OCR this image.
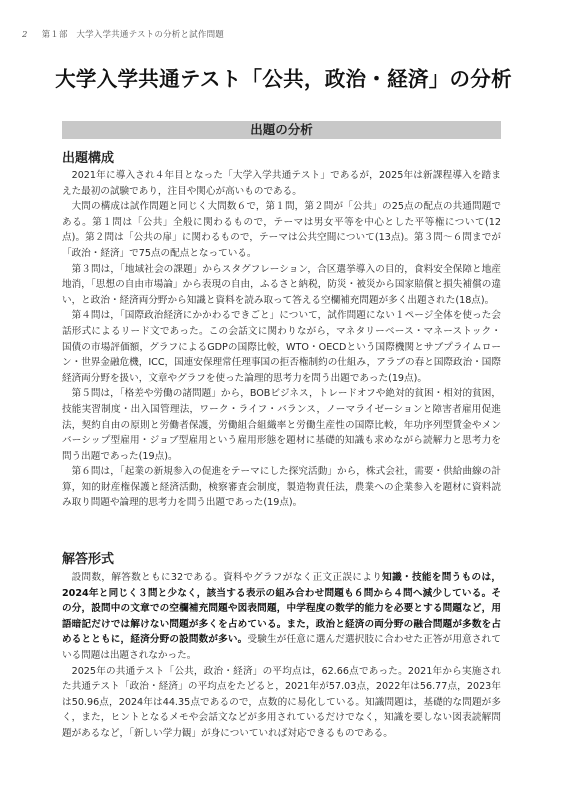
2 第１部　大学入学共通テストの分析と試作問題
大学入学共通テスト「公共，政治・経済」の分析
出題の分析
出題構成

2021年に導入され４年目となった「大学入学共通テスト」であるが，2025年は新課程導入を踏まえた最初の試験であり，注目や関心が高いものである。

大問の構成は試作問題と同じく大問数６で，第１問，第２問が「公共」の25点の配点の共通問題である。第１問は「公共」全般に関わるもので，テーマは男女平等を中心とした平等権について(12点)。第２問は「公共の扉」に関わるもので，テーマは公共空間について(13点)。第３問～６問までが「政治・経済」で75点の配点となっている。

第３問は，「地域社会の課題」からスタグフレーション，合区選挙導入の目的，食料安全保障と地産地消，「思想の自由市場論」から表現の自由，ふるさと納税，防災・被災から国家賠償と損失補償の違い，と政治・経済両分野から知識と資料を読み取って答える空欄補充問題が多く出題された(18点)。

第４問は，「国際政治経済にかかわるできごと」について，試作問題にない１ページ全体を使った会話形式によるリード文であった。この会話文に関わりながら，マネタリーベース・マネーストック・国債の市場評価額，グラフによるGDPの国際比較，WTO・OECDという国際機関とサブプライムローン・世界金融危機，ICC，国連安保理常任理事国の拒否権制約の仕組み，アラブの春と国際政治・国際経済両分野を扱い，文章やグラフを使った論理的思考力を問う出題であった(19点)。

第５問は，「格差や労働の諸問題」から，BOBビジネス，トレードオフや絶対的貧困・相対的貧困，技能実習制度・出入国管理法，ワーク・ライフ・バランス，ノーマライゼーションと障害者雇用促進法，契約自由の原則と労働者保護，労働組合組織率と労働生産性の国際比較，年功序列型賃金やメンバーシップ型雇用・ジョブ型雇用という雇用形態を題材に基礎的知識も求めながら読解力と思考力を問う出題であった(19点)。

第６問は，「起業の新規参入の促進をテーマにした探究活動」から，株式会社，需要・供給曲線の計算，知的財産権保護と経済活動，検察審査会制度，製造物責任法，農業への企業参入を題材に資料読み取り問題や論理的思考力を問う出題であった(19点)。

解答形式

設問数，解答数ともに32である。資料やグラフがなく正文正誤により知識・技能を問うものは，2024年と同じく３問と少なく，該当する表示の組み合わせ問題も６問から４問へ減少している。その分，設問中の文章での空欄補充問題や図表問題，中学程度の数学的能力を必要とする問題など，用語暗記だけでは解けない問題が多くを占めている。また，政治と経済の両分野の融合問題が多数を占めるとともに，経済分野の設問数が多い。受験生が任意に選んだ選択肢に合わせた正答が用意されている問題は出題されなかった。

2025年の共通テスト「公共，政治・経済」の平均点は，62.66点であった。2021年から実施された共通テスト「政治・経済」の平均点をたどると，2021年が57.03点，2022年は56.77点，2023年は50.96点，2024年は44.35点であるので，点数的に易化している。知識問題は，基礎的な問題が多く，また，ヒントとなるメモや会話文などが多用されているだけでなく，知識を要しない図表読解問題があるなど，「新しい学力観」が身についていれば対応できるものである。
